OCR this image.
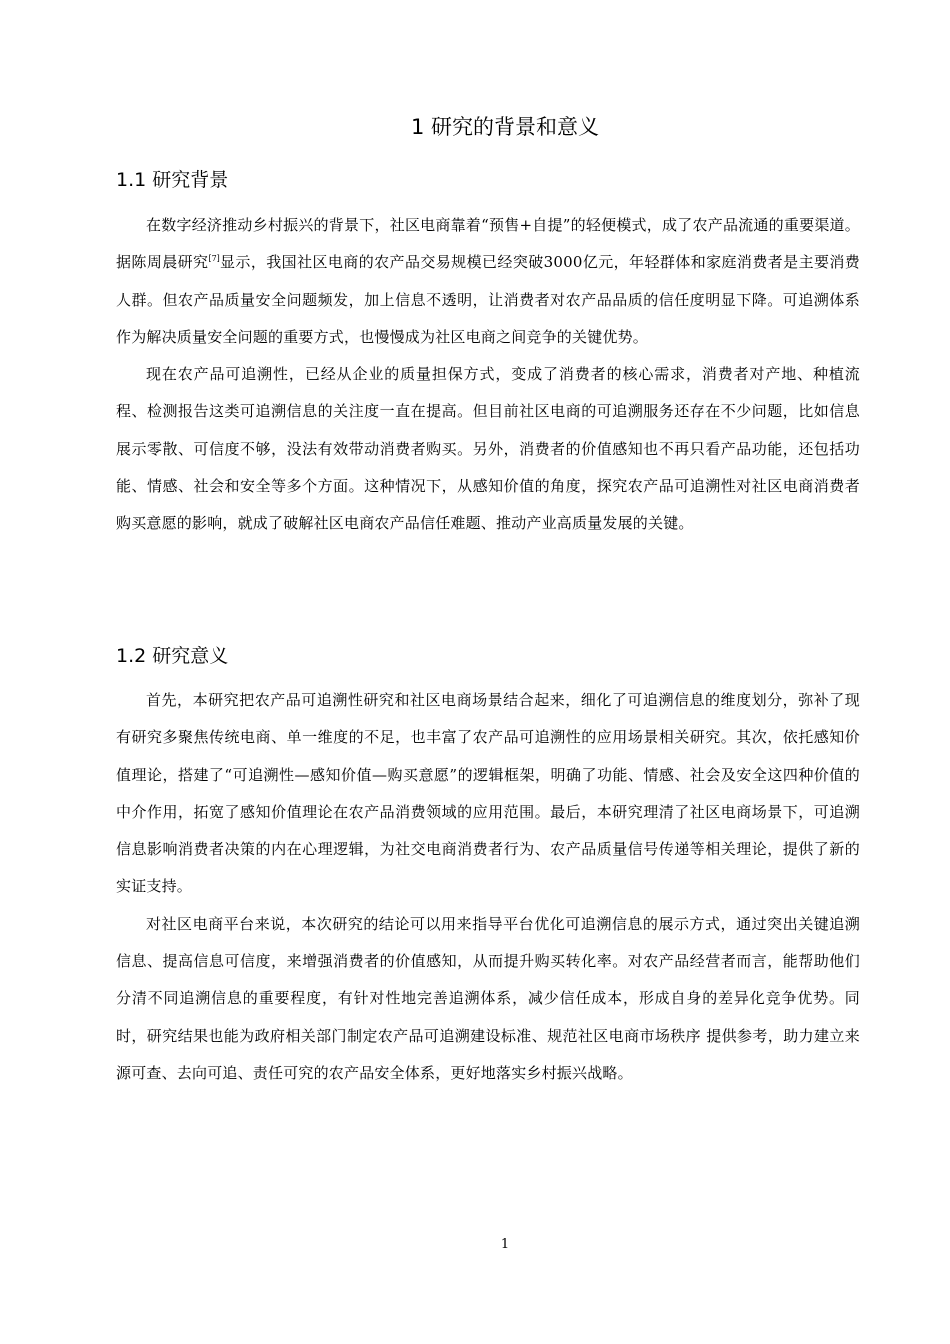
1 研究的背景和意义
1.1 研究背景

在数字经济推动乡村振兴的背景下，社区电商靠着“预售+自提”的轻便模式，成了农产品流通的重要渠道。据陈周晨研究[7]显示，我国社区电商的农产品交易规模已经突破3000亿元，年轻群体和家庭消费者是主要消费人群。但农产品质量安全问题频发，加上信息不透明，让消费者对农产品品质的信任度明显下降。可追溯体系作为解决质量安全问题的重要方式，也慢慢成为社区电商之间竞争的关键优势。

现在农产品可追溯性，已经从企业的质量担保方式，变成了消费者的核心需求，消费者对产地、种植流程、检测报告这类可追溯信息的关注度一直在提高。但目前社区电商的可追溯服务还存在不少问题，比如信息展示零散、可信度不够，没法有效带动消费者购买。另外，消费者的价值感知也不再只看产品功能，还包括功能、情感、社会和安全等多个方面。这种情况下，从感知价值的角度，探究农产品可追溯性对社区电商消费者购买意愿的影响，就成了破解社区电商农产品信任难题、推动产业高质量发展的关键。

1.2 研究意义

首先，本研究把农产品可追溯性研究和社区电商场景结合起来，细化了可追溯信息的维度划分，弥补了现有研究多聚焦传统电商、单一维度的不足，也丰富了农产品可追溯性的应用场景相关研究。其次，依托感知价值理论，搭建了“可追溯性—感知价值—购买意愿”的逻辑框架，明确了功能、情感、社会及安全这四种价值的中介作用，拓宽了感知价值理论在农产品消费领域的应用范围。最后，本研究理清了社区电商场景下，可追溯信息影响消费者决策的内在心理逻辑，为社交电商消费者行为、农产品质量信号传递等相关理论，提供了新的实证支持。

对社区电商平台来说，本次研究的结论可以用来指导平台优化可追溯信息的展示方式，通过突出关键追溯信息、提高信息可信度，来增强消费者的价值感知，从而提升购买转化率。对农产品经营者而言，能帮助他们分清不同追溯信息的重要程度，有针对性地完善追溯体系，减少信任成本，形成自身的差异化竞争优势。同时，研究结果也能为政府相关部门制定农产品可追溯建设标准、规范社区电商市场秩序 提供参考，助力建立来源可查、去向可追、责任可究的农产品安全体系，更好地落实乡村振兴战略。

1
